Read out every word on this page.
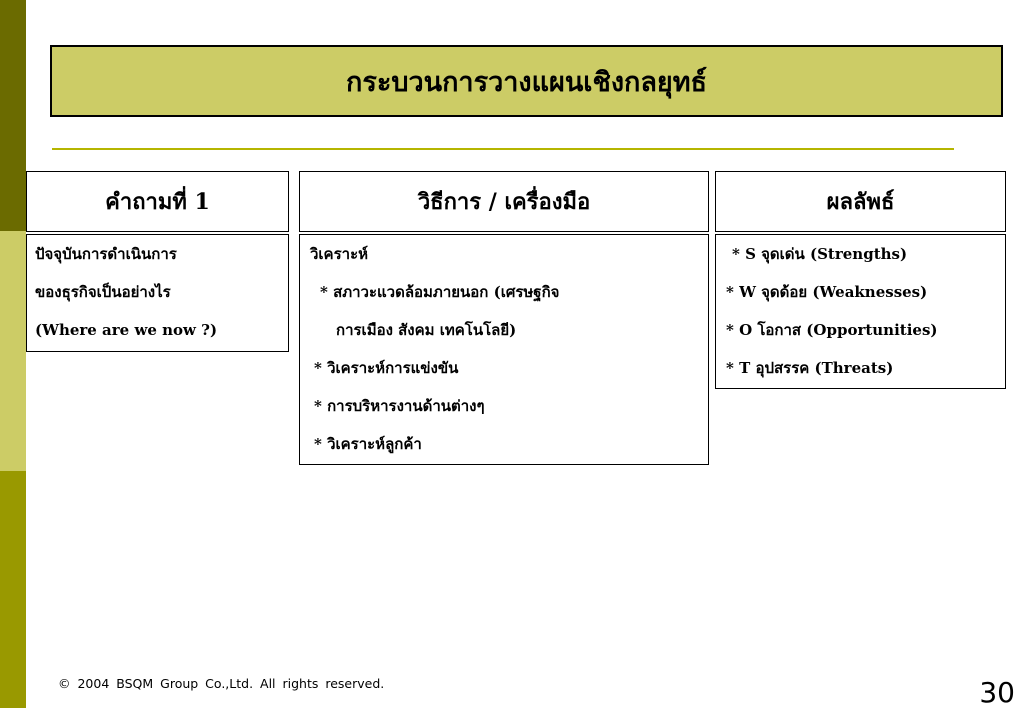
กระบวนการวางแผนเชิงกลยุทธ์
คำถามที่ 1
ปัจจุบันการดำเนินการ
ของธุรกิจเป็นอย่างไร
(Where are we now ?)
วิธีการ / เครื่องมือ
วิเคราะห์
* สภาวะแวดล้อมภายนอก (เศรษฐกิจ
การเมือง สังคม เทคโนโลยี)
* วิเคราะห์การแข่งขัน
* การบริหารงานด้านต่างๆ
* วิเคราะห์ลูกค้า
ผลลัพธ์
* S จุดเด่น (Strengths)
* W จุดด้อย (Weaknesses)
* O โอกาส (Opportunities)
* T อุปสรรค (Threats)
© 2004 BSQM Group Co.,Ltd. All rights reserved.	30
